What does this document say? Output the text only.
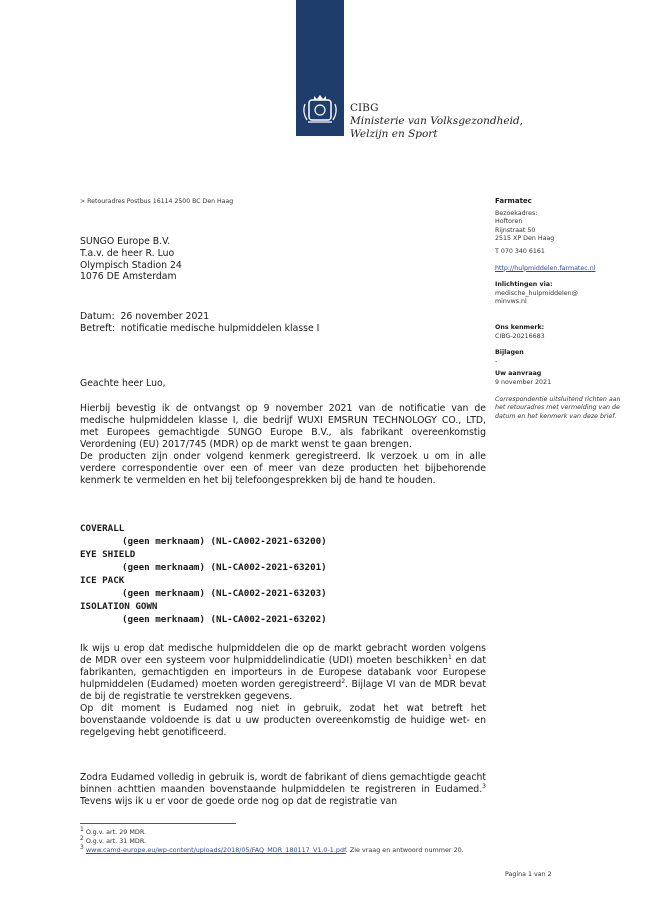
CIBG
Ministerie van Volksgezondheid,
Welzijn en Sport
> Retouradres Postbus 16114 2500 BC Den Haag
SUNGO Europe B.V.
T.a.v. de heer R. Luo
Olympisch Stadion 24
1076 DE Amsterdam
Datum: 26 november 2021
Betreft: notificatie medische hulpmiddelen klasse I
Farmatec
Bezoekadres:
Hoftoren
Rijnstraat 50
2515 XP Den Haag
T 070 340 6161
http://hulpmiddelen.farmatec.nl
Inlichtingen via:
medische_hulpmiddelen@
minvws.nl
Ons kenmerk:
CIBG-20216683
Bijlagen
-
Uw aanvraag
9 november 2021
Correspondentie uitsluitend richten aan het retouradres met vermelding van de datum en het kenmerk van deze brief.
Geachte heer Luo,
Hierbij bevestig ik de ontvangst op 9 november 2021 van de notificatie van de medische hulpmiddelen klasse I, die bedrijf WUXI EMSRUN TECHNOLOGY CO., LTD, met Europees gemachtigde SUNGO Europe B.V., als fabrikant overeenkomstig Verordening (EU) 2017/745 (MDR) op de markt wenst te gaan brengen.
De producten zijn onder volgend kenmerk geregistreerd. Ik verzoek u om in alle verdere correspondentie over een of meer van deze producten het bijbehorende kenmerk te vermelden en het bij telefoongesprekken bij de hand te houden.
COVERALL
(geen merknaam) (NL-CA002-2021-63200)
EYE SHIELD
(geen merknaam) (NL-CA002-2021-63201)
ICE PACK
(geen merknaam) (NL-CA002-2021-63203)
ISOLATION GOWN
(geen merknaam) (NL-CA002-2021-63202)
Ik wijs u erop dat medische hulpmiddelen die op de markt gebracht worden volgens de MDR over een systeem voor hulpmiddelindicatie (UDI) moeten beschikken$^1$ en dat fabrikanten, gemachtigden en importeurs in de Europese databank voor Europese hulpmiddelen (Eudamed) moeten worden geregistreerd$^2$. Bijlage VI van de MDR bevat de bij de registratie te verstrekken gegevens.
Op dit moment is Eudamed nog niet in gebruik, zodat het wat betreft het bovenstaande voldoende is dat u uw producten overeenkomstig de huidige wet- en regelgeving hebt genotificeerd.
Zodra Eudamed volledig in gebruik is, wordt de fabrikant of diens gemachtigde geacht binnen achttien maanden bovenstaande hulpmiddelen te registreren in Eudamed.$^3$ Tevens wijs ik u er voor de goede orde nog op dat de registratie van
$^1$ O.g.v. art. 29 MDR.
$^2$ O.g.v. art. 31 MDR.
$^3$ www.camd-europe.eu/wp-content/uploads/2018/05/FAQ_MDR_180117_V1.0-1.pdf. Zie vraag en antwoord nummer 20.
Pagina 1 van 2
